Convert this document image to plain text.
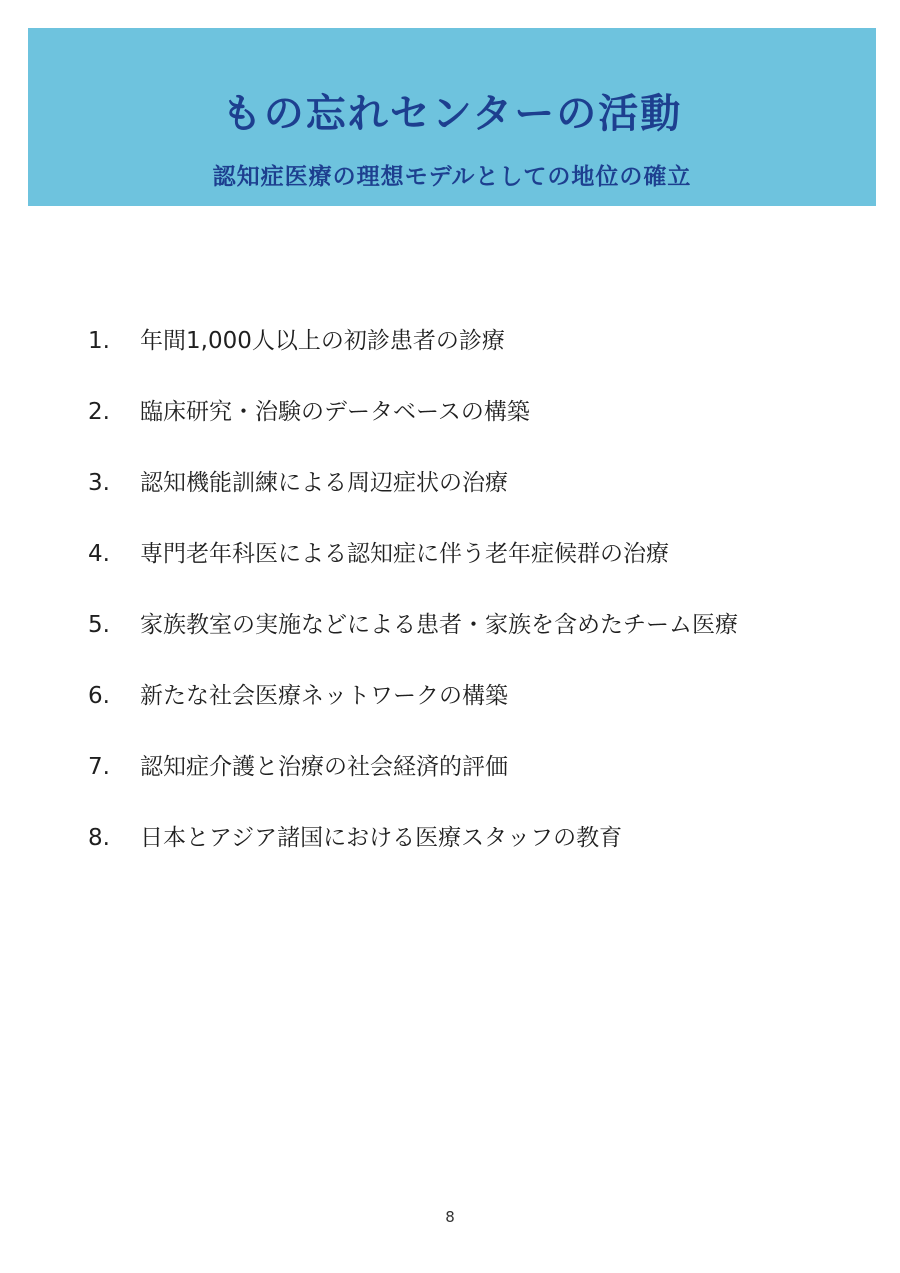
もの忘れセンターの活動
認知症医療の理想モデルとしての地位の確立
1.	年間1,000人以上の初診患者の診療
2.	臨床研究・治験のデータベースの構築
3.	認知機能訓練による周辺症状の治療
4.	専門老年科医による認知症に伴う老年症候群の治療
5.	家族教室の実施などによる患者・家族を含めたチーム医療
6.	新たな社会医療ネットワークの構築
7.	認知症介護と治療の社会経済的評価
8.	日本とアジア諸国における医療スタッフの教育
8
